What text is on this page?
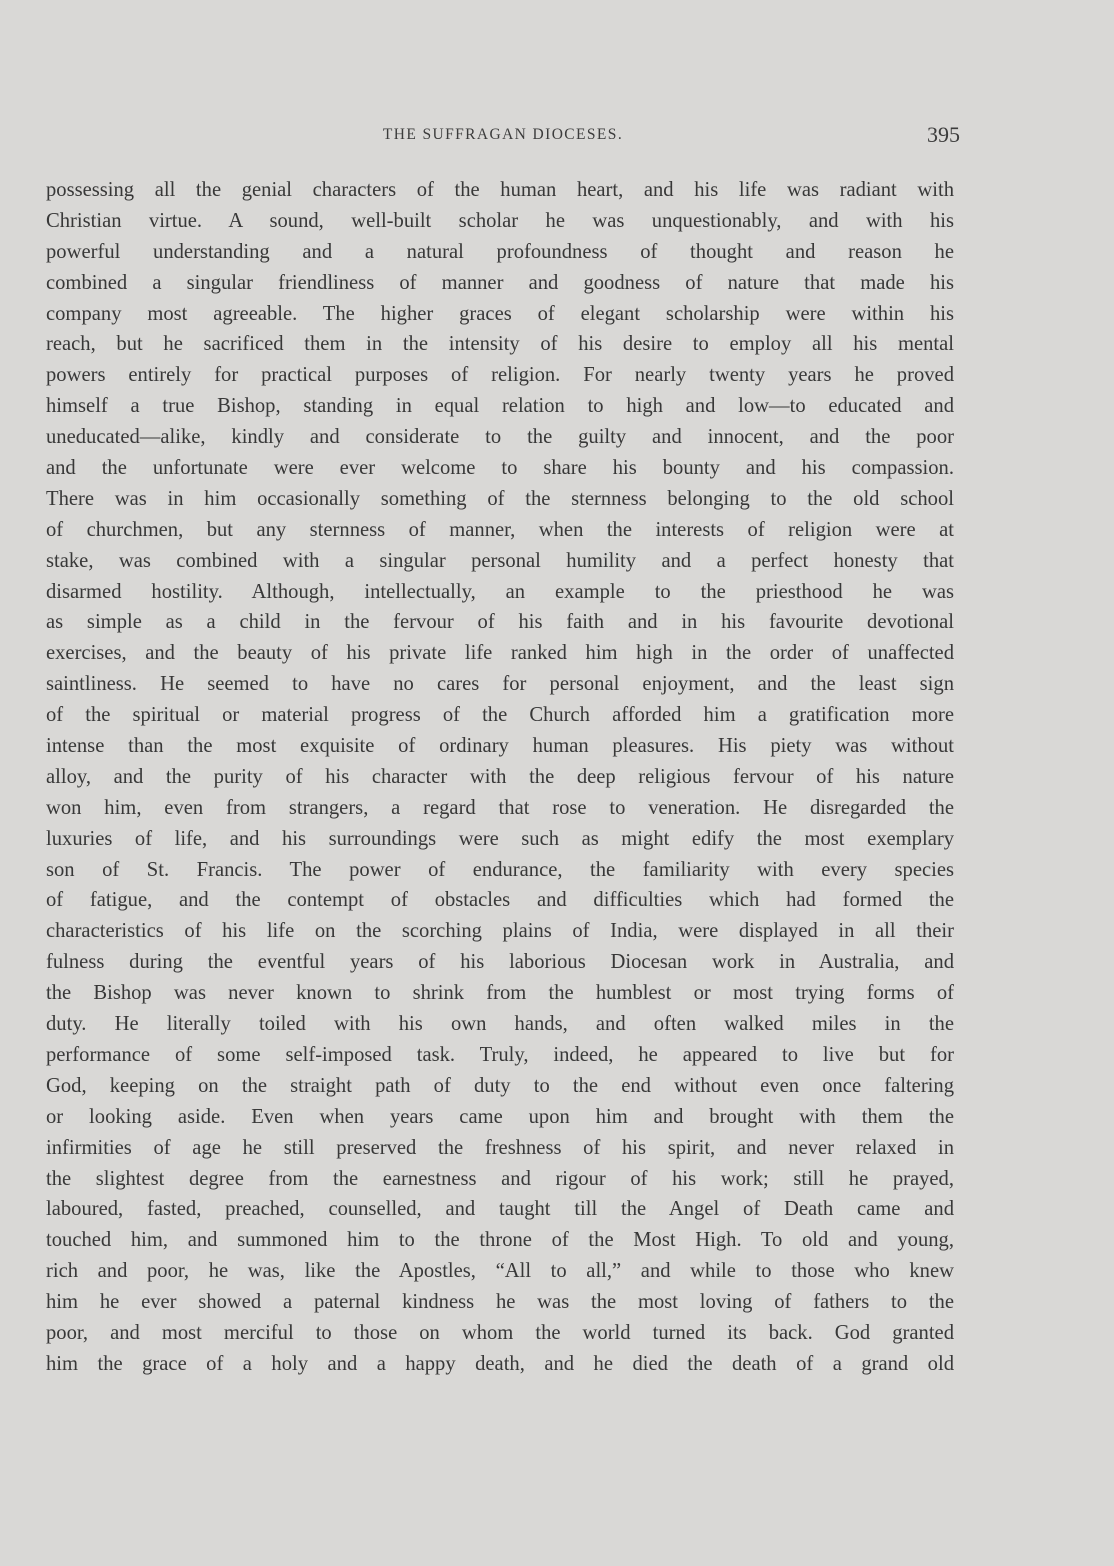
THE SUFFRAGAN DIOCESES.	395
possessing all the genial characters of the human heart, and his life was radiant with
Christian virtue. A sound, well-built scholar he was unquestionably, and with his
powerful understanding and a natural profoundness of thought and reason he
combined a singular friendliness of manner and goodness of nature that made his
company most agreeable. The higher graces of elegant scholarship were within his
reach, but he sacrificed them in the intensity of his desire to employ all his mental
powers entirely for practical purposes of religion. For nearly twenty years he proved
himself a true Bishop, standing in equal relation to high and low—to educated and
uneducated—alike, kindly and considerate to the guilty and innocent, and the poor
and the unfortunate were ever welcome to share his bounty and his compassion.
There was in him occasionally something of the sternness belonging to the old school
of churchmen, but any sternness of manner, when the interests of religion were at
stake, was combined with a singular personal humility and a perfect honesty that
disarmed hostility. Although, intellectually, an example to the priesthood he was
as simple as a child in the fervour of his faith and in his favourite devotional
exercises, and the beauty of his private life ranked him high in the order of unaffected
saintliness. He seemed to have no cares for personal enjoyment, and the least sign
of the spiritual or material progress of the Church afforded him a gratification more
intense than the most exquisite of ordinary human pleasures. His piety was without
alloy, and the purity of his character with the deep religious fervour of his nature
won him, even from strangers, a regard that rose to veneration. He disregarded the
luxuries of life, and his surroundings were such as might edify the most exemplary
son of St. Francis. The power of endurance, the familiarity with every species
of fatigue, and the contempt of obstacles and difficulties which had formed the
characteristics of his life on the scorching plains of India, were displayed in all their
fulness during the eventful years of his laborious Diocesan work in Australia, and
the Bishop was never known to shrink from the humblest or most trying forms of
duty. He literally toiled with his own hands, and often walked miles in the
performance of some self-imposed task. Truly, indeed, he appeared to live but for
God, keeping on the straight path of duty to the end without even once faltering
or looking aside. Even when years came upon him and brought with them the
infirmities of age he still preserved the freshness of his spirit, and never relaxed in
the slightest degree from the earnestness and rigour of his work; still he prayed,
laboured, fasted, preached, counselled, and taught till the Angel of Death came and
touched him, and summoned him to the throne of the Most High. To old and young,
rich and poor, he was, like the Apostles, “All to all,” and while to those who knew
him he ever showed a paternal kindness he was the most loving of fathers to the
poor, and most merciful to those on whom the world turned its back. God granted
him the grace of a holy and a happy death, and he died the death of a grand old
